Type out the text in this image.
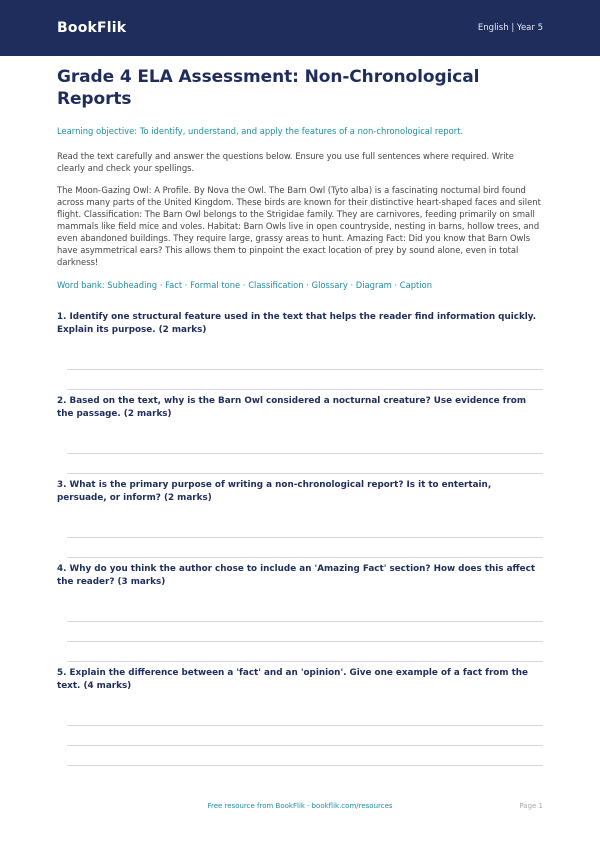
BookFlik	English | Year 5
Grade 4 ELA Assessment: Non-Chronological Reports

Learning objective: To identify, understand, and apply the features of a non-chronological report.

Read the text carefully and answer the questions below. Ensure you use full sentences where required. Write clearly and check your spellings.

The Moon-Gazing Owl: A Profile. By Nova the Owl. The Barn Owl (Tyto alba) is a fascinating nocturnal bird found across many parts of the United Kingdom. These birds are known for their distinctive heart-shaped faces and silent flight. Classification: The Barn Owl belongs to the Strigidae family. They are carnivores, feeding primarily on small mammals like field mice and voles. Habitat: Barn Owls live in open countryside, nesting in barns, hollow trees, and even abandoned buildings. They require large, grassy areas to hunt. Amazing Fact: Did you know that Barn Owls have asymmetrical ears? This allows them to pinpoint the exact location of prey by sound alone, even in total darkness!

Word bank: Subheading · Fact · Formal tone · Classification · Glossary · Diagram · Caption

1. Identify one structural feature used in the text that helps the reader find information quickly. Explain its purpose. (2 marks)

2. Based on the text, why is the Barn Owl considered a nocturnal creature? Use evidence from the passage. (2 marks)

3. What is the primary purpose of writing a non-chronological report? Is it to entertain, persuade, or inform? (2 marks)

4. Why do you think the author chose to include an 'Amazing Fact' section? How does this affect the reader? (3 marks)

5. Explain the difference between a 'fact' and an 'opinion'. Give one example of a fact from the text. (4 marks)

Free resource from BookFlik · bookflik.com/resources	Page 1
